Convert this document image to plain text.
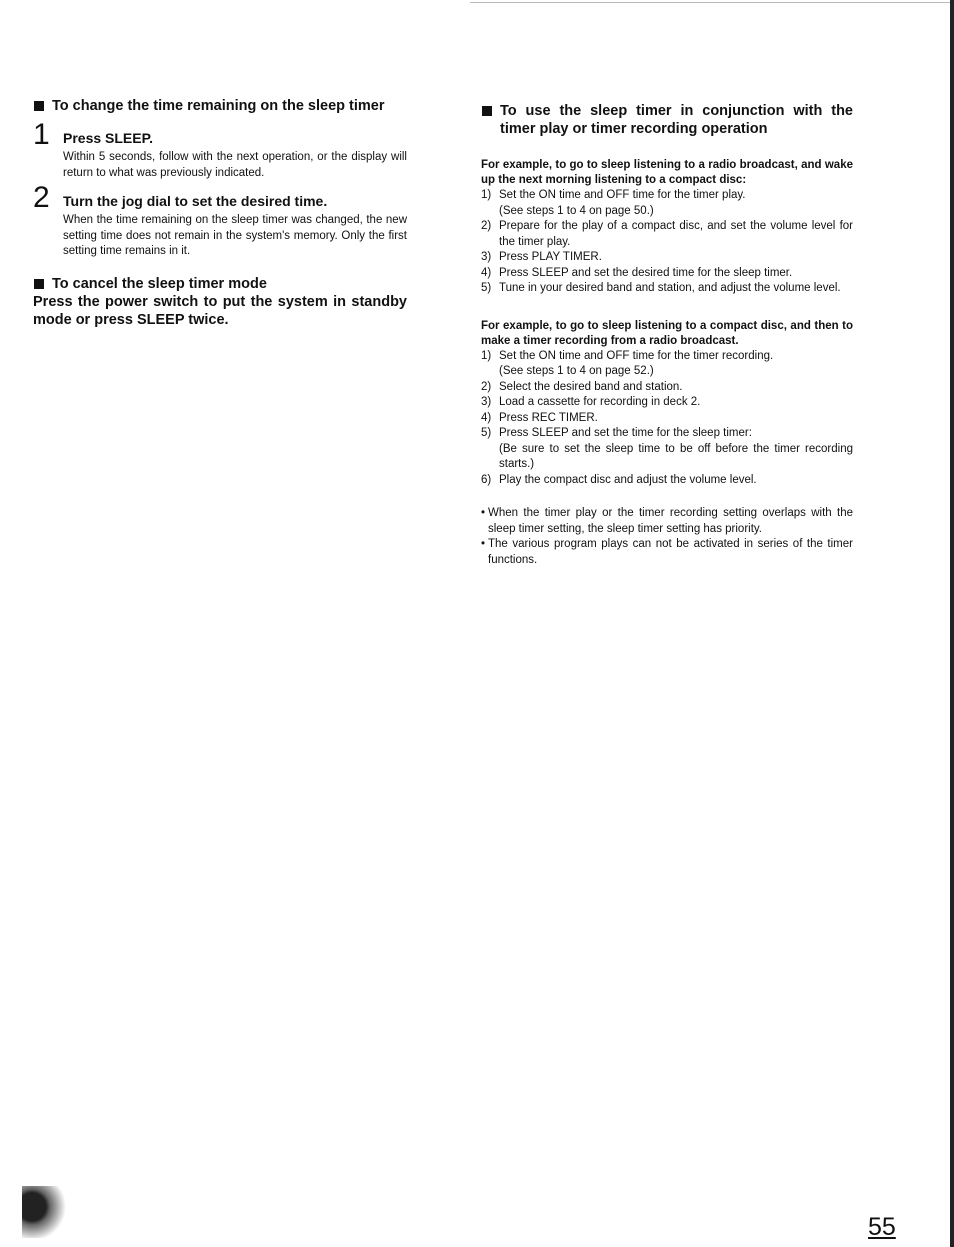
To change the time remaining on the sleep timer
1 Press SLEEP.
Within 5 seconds, follow with the next operation, or the display will return to what was previously indicated.
2 Turn the jog dial to set the desired time.
When the time remaining on the sleep timer was changed, the new setting time does not remain in the system's memory. Only the first setting time remains in it.
To cancel the sleep timer mode
Press the power switch to put the system in standby mode or press SLEEP twice.
To use the sleep timer in conjunction with the timer play or timer recording operation
For example, to go to sleep listening to a radio broadcast, and wake up the next morning listening to a compact disc:
1) Set the ON time and OFF time for the timer play.
(See steps 1 to 4 on page 50.)
2) Prepare for the play of a compact disc, and set the volume level for the timer play.
3) Press PLAY TIMER.
4) Press SLEEP and set the desired time for the sleep timer.
5) Tune in your desired band and station, and adjust the volume level.
For example, to go to sleep listening to a compact disc, and then to make a timer recording from a radio broadcast.
1) Set the ON time and OFF time for the timer recording.
(See steps 1 to 4 on page 52.)
2) Select the desired band and station.
3) Load a cassette for recording in deck 2.
4) Press REC TIMER.
5) Press SLEEP and set the time for the sleep timer:
(Be sure to set the sleep time to be off before the timer recording starts.)
6) Play the compact disc and adjust the volume level.
• When the timer play or the timer recording setting overlaps with the sleep timer setting, the sleep timer setting has priority.
• The various program plays can not be activated in series of the timer functions.
55
